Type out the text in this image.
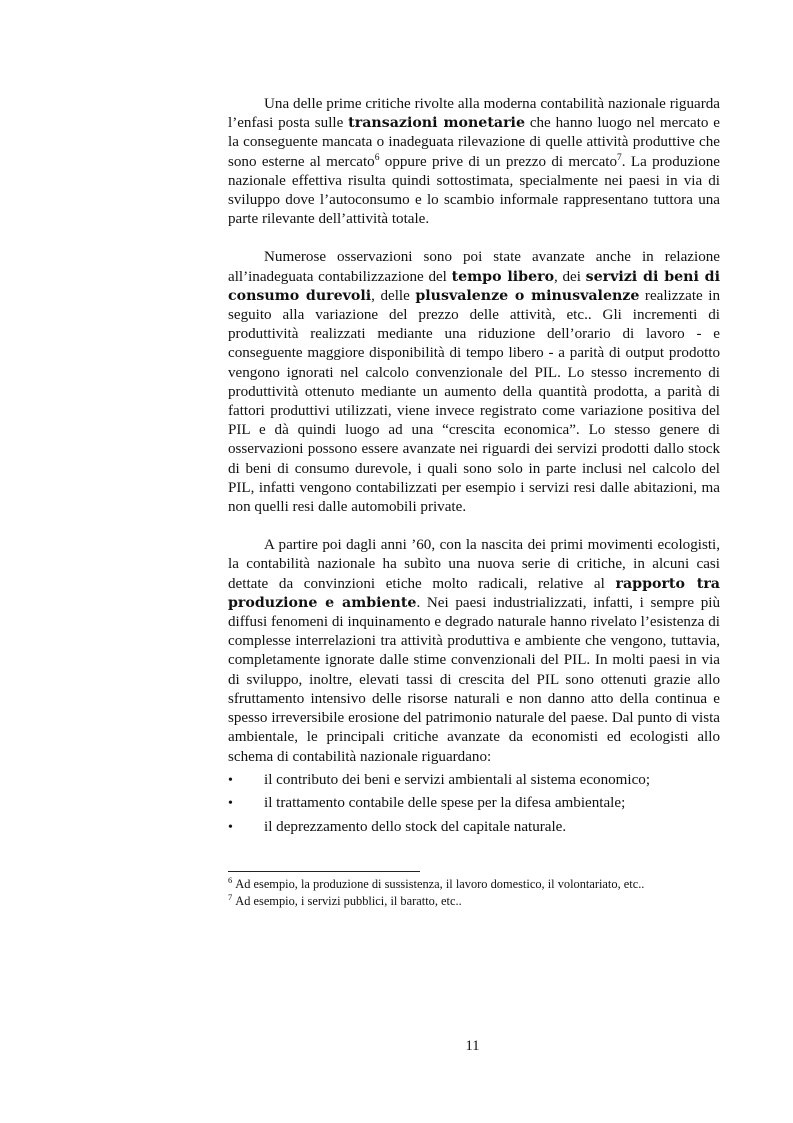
Una delle prime critiche rivolte alla moderna contabilità nazionale riguarda l’enfasi posta sulle transazioni monetarie che hanno luogo nel mercato e la conseguente mancata o inadeguata rilevazione di quelle attività produttive che sono esterne al mercato$^6$ oppure prive di un prezzo di mercato$^7$. La produzione nazionale effettiva risulta quindi sottostimata, specialmente nei paesi in via di sviluppo dove l’autoconsumo e lo scambio informale rappresentano tuttora una parte rilevante dell’attività totale.

Numerose osservazioni sono poi state avanzate anche in relazione all’inadeguata contabilizzazione del tempo libero, dei servizi di beni di consumo durevoli, delle plusvalenze o minusvalenze realizzate in seguito alla variazione del prezzo delle attività, etc.. Gli incrementi di produttività realizzati mediante una riduzione dell’orario di lavoro - e conseguente maggiore disponibilità di tempo libero - a parità di output prodotto vengono ignorati nel calcolo convenzionale del PIL. Lo stesso incremento di produttività ottenuto mediante un aumento della quantità prodotta, a parità di fattori produttivi utilizzati, viene invece registrato come variazione positiva del PIL e dà quindi luogo ad una “crescita economica”. Lo stesso genere di osservazioni possono essere avanzate nei riguardi dei servizi prodotti dallo stock di beni di consumo durevole, i quali sono solo in parte inclusi nel calcolo del PIL, infatti vengono contabilizzati per esempio i servizi resi dalle abitazioni, ma non quelli resi dalle automobili private.

A partire poi dagli anni ’60, con la nascita dei primi movimenti ecologisti, la contabilità nazionale ha subìto una nuova serie di critiche, in alcuni casi dettate da convinzioni etiche molto radicali, relative al rapporto tra produzione e ambiente. Nei paesi industrializzati, infatti, i sempre più diffusi fenomeni di inquinamento e degrado naturale hanno rivelato l’esistenza di complesse interrelazioni tra attività produttiva e ambiente che vengono, tuttavia, completamente ignorate dalle stime convenzionali del PIL. In molti paesi in via di sviluppo, inoltre, elevati tassi di crescita del PIL sono ottenuti grazie allo sfruttamento intensivo delle risorse naturali e non danno atto della continua e spesso irreversibile erosione del patrimonio naturale del paese. Dal punto di vista ambientale, le principali critiche avanzate da economisti ed ecologisti allo schema di contabilità nazionale riguardano:

• il contributo dei beni e servizi ambientali al sistema economico;
• il trattamento contabile delle spese per la difesa ambientale;
• il deprezzamento dello stock del capitale naturale.
$^6$ Ad esempio, la produzione di sussistenza, il lavoro domestico, il volontariato, etc..
$^7$ Ad esempio, i servizi pubblici, il baratto, etc..
11
